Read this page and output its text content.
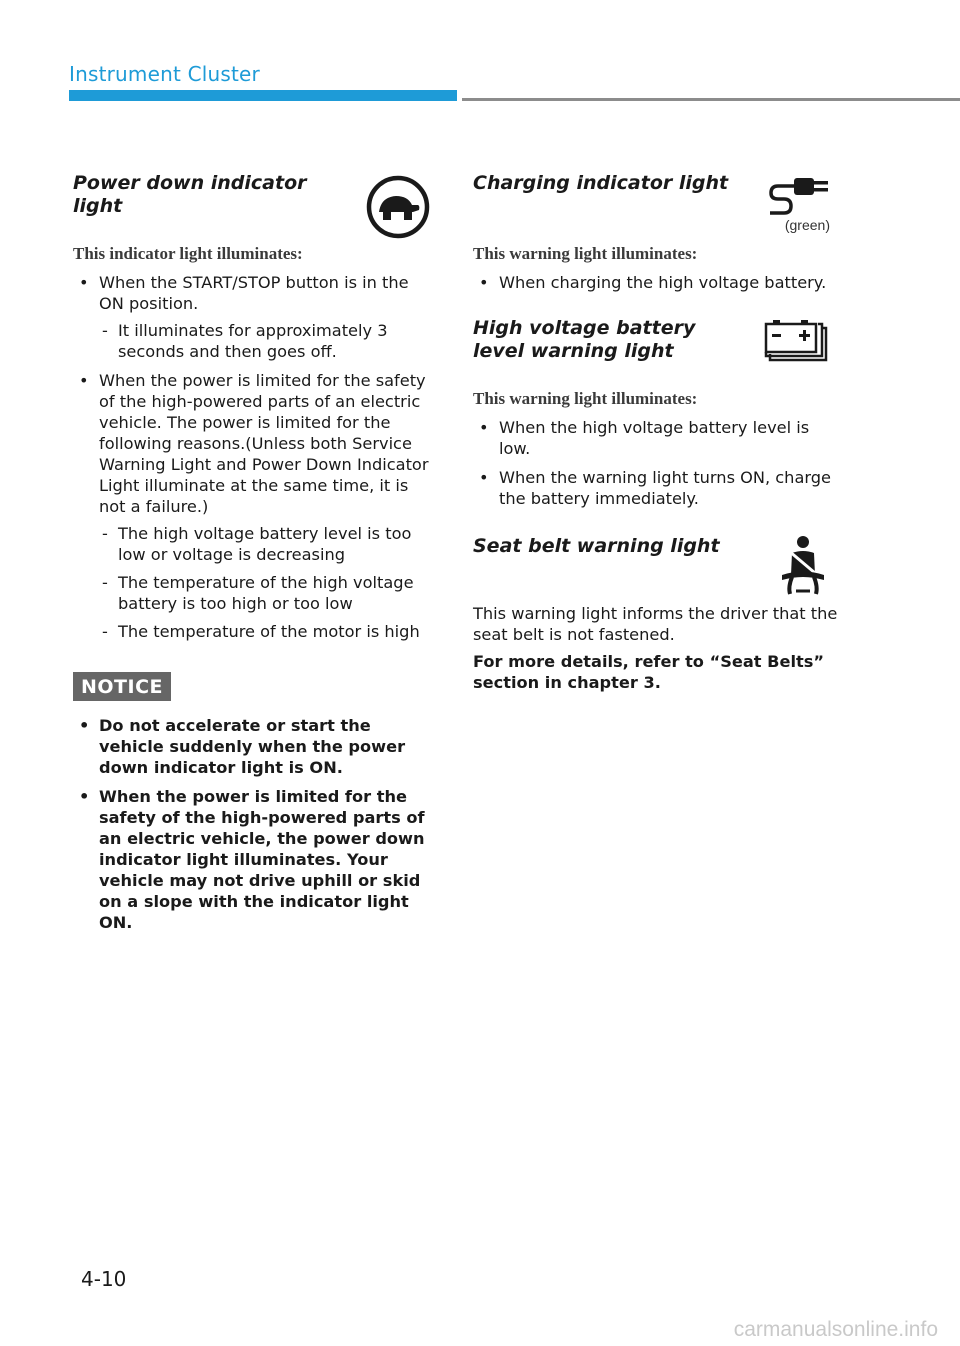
Instrument Cluster
Power down indicator light

This indicator light illuminates:

• When the START/STOP button is in the ON position.
- It illuminates for approximately 3 seconds and then goes off.
• When the power is limited for the safety of the high-powered parts of an electric vehicle. The power is limited for the following reasons.(Unless both Service Warning Light and Power Down Indicator Light illuminate at the same time, it is not a failure.)
- The high voltage battery level is too low or voltage is decreasing
- The temperature of the high voltage battery is too high or too low
- The temperature of the motor is high
NOTICE
• Do not accelerate or start the vehicle suddenly when the power down indicator light is ON.
• When the power is limited for the safety of the high-powered parts of an electric vehicle, the power down indicator light illuminates. Your vehicle may not drive uphill or skid on a slope with the indicator light ON.
Charging indicator light
(green)

This warning light illuminates:

• When charging the high voltage battery.
High voltage battery level warning light

This warning light illuminates:

• When the high voltage battery level is low.
• When the warning light turns ON, charge the battery immediately.
Seat belt warning light

This warning light informs the driver that the seat belt is not fastened.

For more details, refer to “Seat Belts” section in chapter 3.

4-10
carmanualsonline.info
